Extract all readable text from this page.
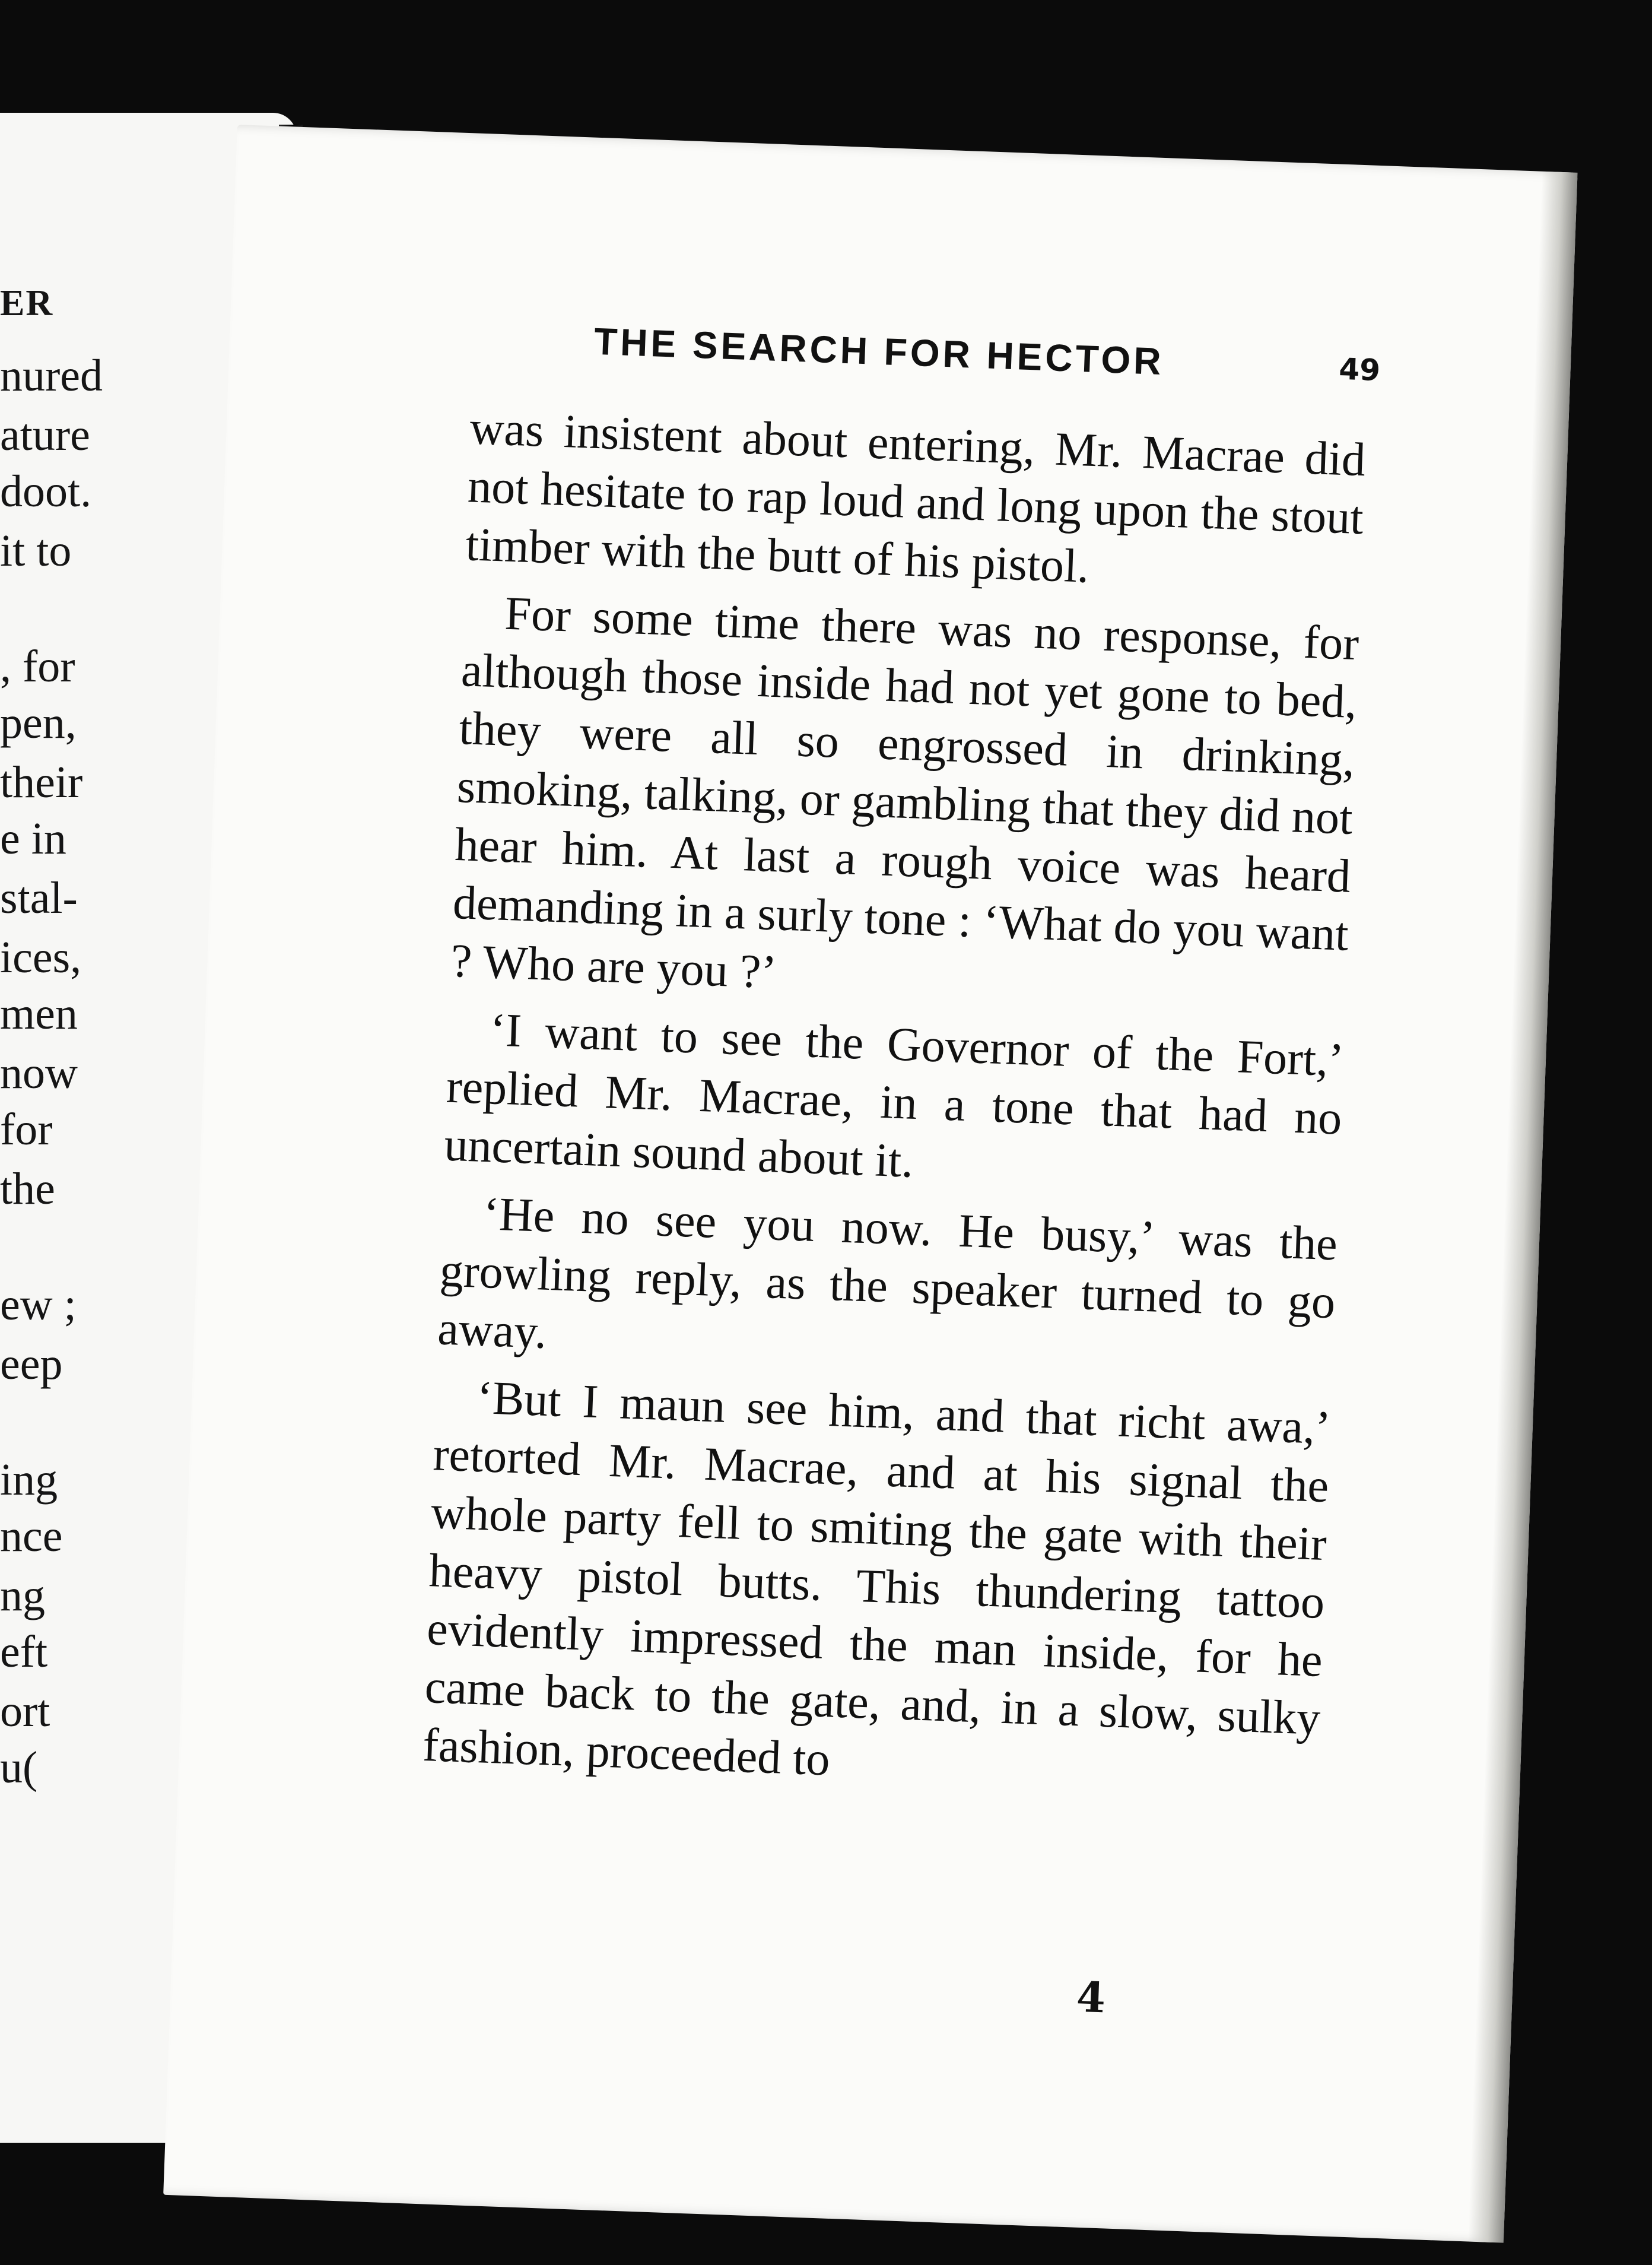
ER
nured
ature
doot.
it to
, for
pen,
their
e in
stal-
ices,
men
now
for
the
ew ;
eep
ing
nce
ng
eft
ort
u(
THE SEARCH FOR HECTOR	49

was insistent about entering, Mr. Macrae did not hesitate to rap loud and long upon the stout timber with the butt of his pistol.

For some time there was no response, for although those inside had not yet gone to bed, they were all so engrossed in drinking, smoking, talking, or gambling that they did not hear him. At last a rough voice was heard demanding in a surly tone : ‘What do you want ? Who are you ?’

‘I want to see the Governor of the Fort,’ replied Mr. Macrae, in a tone that had no uncertain sound about it.

‘He no see you now. He busy,’ was the growling reply, as the speaker turned to go away.

‘But I maun see him, and that richt awa,’ retorted Mr. Macrae, and at his signal the whole party fell to smiting the gate with their heavy pistol butts. This thundering tattoo evidently impressed the man inside, for he came back to the gate, and, in a slow, sulky fashion, proceeded to

4
